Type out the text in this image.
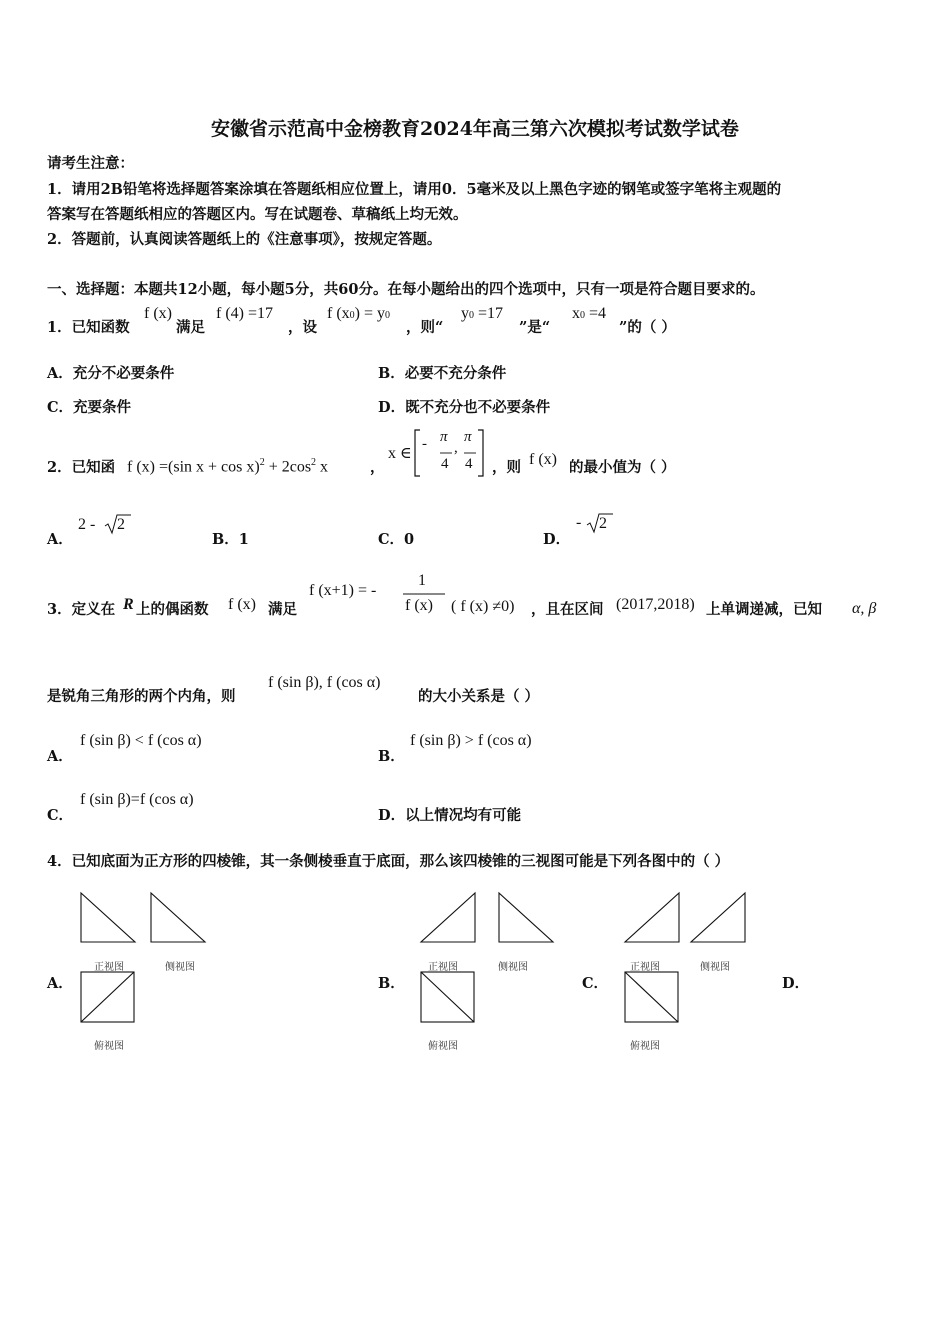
安徽省示范高中金榜教育2024年高三第六次模拟考试数学试卷
请考生注意：
1．请用2B铅笔将选择题答案涂填在答题纸相应位置上，请用0．5毫米及以上黑色字迹的钢笔或签字笔将主观题的
答案写在答题纸相应的答题区内。写在试题卷、草稿纸上均无效。
2．答题前，认真阅读答题纸上的《注意事项》，按规定答题。
一、选择题：本题共12小题，每小题5分，共60分。在每小题给出的四个选项中，只有一项是符合题目要求的。
1．已知函数
f (x)
满足
f (4) =17
，设
f (x0) = y0
，则“
y0 =17
”是“
x0 =4
”的（ ）
A．充分不必要条件	B．必要不充分条件
C．充要条件	D．既不充分也不必要条件
2．已知函 f (x) =(sin $x + \cos x)^2 + 2\cos^2$ x	，
x ∈
- π
4
,
π
4 ，则 f (x) 的最小值为（ ）
A．
2 - 2
B．1	C．0	D．
- 2
3．定义在 R 上的偶函数 f (x) 满足
f (x+1) = -
1
f (x) ( f (x) ≠0) ，且在区间 (2017,2018) 上单调递减，已知 α, β
是锐角三角形的两个内角，则
f (sin β), f (cos α)
的大小关系是（ ）
A．
f (sin β) < f (cos α)
B．
f (sin β) > f (cos α)
C．
f (sin β)=f (cos α)
D．以上情况均有可能
4．已知底面为正方形的四棱锥，其一条侧棱垂直于底面，那么该四棱锥的三视图可能是下列各图中的（ ）
A．
正视图	侧视图
俯视图
B．
正视图	侧视图
俯视图
C．
正视图	侧视图
俯视图
D．
